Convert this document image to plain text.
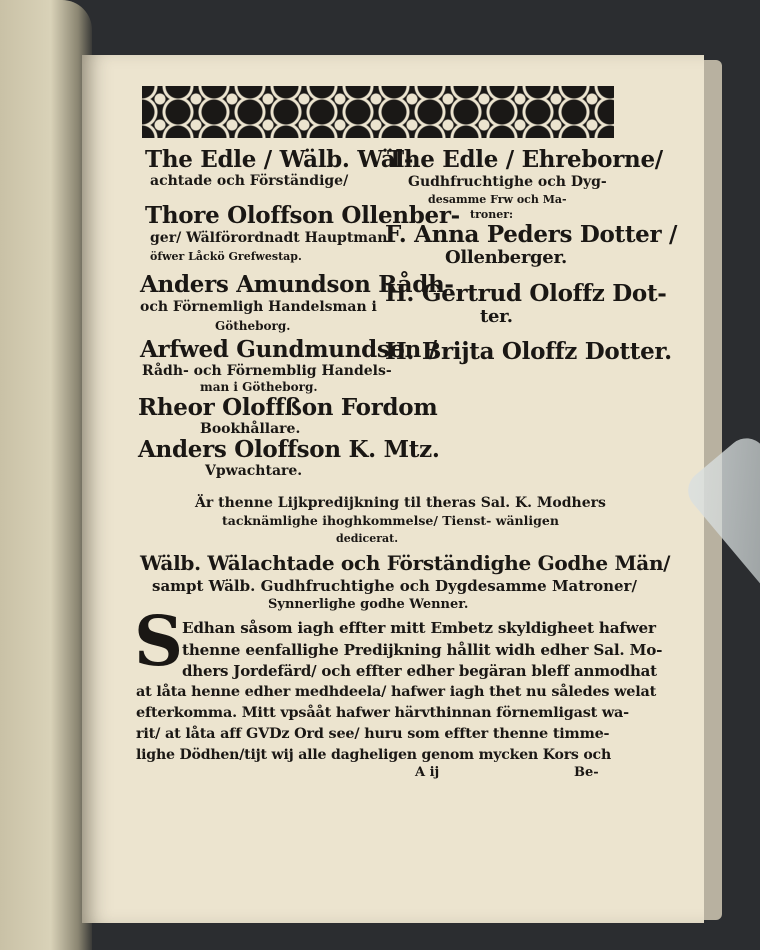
The Edle / Wälb. Wäl-
achtade och Förständige/
Thore Oloffson Ollenber-
ger/ Wälförordnadt Hauptman
öfwer Låckö Grefwestap.
Anders Amundson Rådh-
och Förnemligh Handelsman i
Götheborg.
Arfwed Gundmundson /
Rådh- och Förnemblig Handels-
man i Götheborg.
Rheor Oloffßon Fordom
Bookhållare.
Anders Oloffson K. Mtz.
Vpwachtare.
The Edle / Ehreborne/
Gudhfruchtighe och Dyg-
desamme Frw och Ma-
troner:
F. Anna Peders Dotter /
Ollenberger.
H. Gertrud Oloffz Dot-
ter.
H. Brijta Oloffz Dotter.
Är thenne Lijkpredijkning til theras Sal. K. Modhers
tacknämlighe ihoghkommelse/ Tienst- wänligen
dedicerat.
Wälb. Wälachtade och Förständighe Godhe Män/
sampt Wälb. Gudhfruchtighe och Dygdesamme Matroner/
Synnerlighe godhe Wenner.
S
Edhan såsom iagh effter mitt Embetz skyldigheet hafwer
thenne eenfallighe Predijkning hållit widh edher Sal. Mo-
dhers Jordefärd/ och effter edher begäran bleff anmodhat
at låta henne edher medhdeela/ hafwer iagh thet nu således welat
efterkomma. Mitt vpsååt hafwer härvthinnan förnemligast wa-
rit/ at låta aff GVDz Ord see/ huru som effter thenne timme-
lighe Dödhen/tijt wij alle dagheligen genom mycken Kors och
A ij	Be-
